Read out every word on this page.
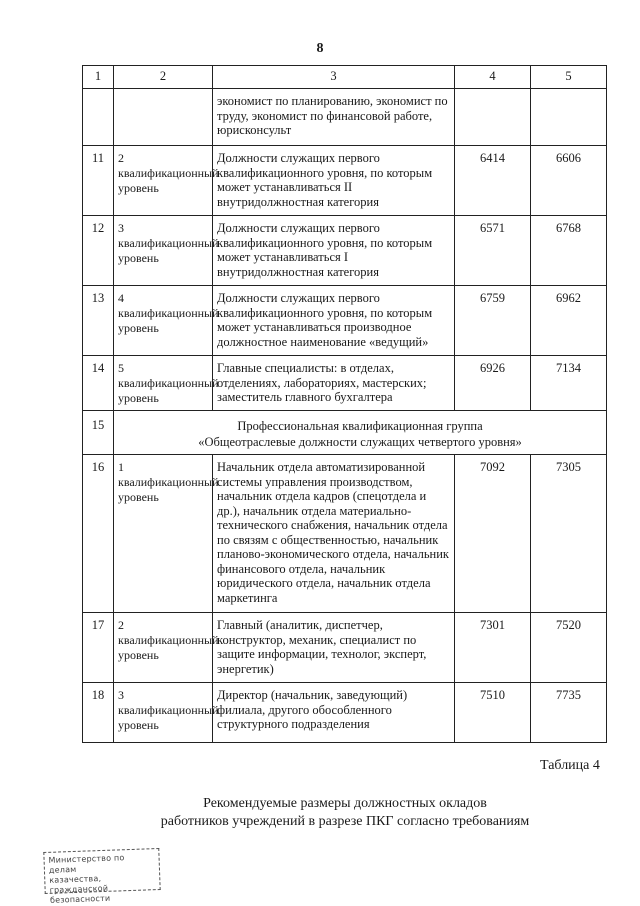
8
1	2	3	4	5
		экономист по планированию, экономист по труду, экономист по финансовой работе, юрисконсульт		
11	2 квалификационный уровень	Должности служащих первого квалификационного уровня, по которым может устанавливаться II внутридолжностная категория	6414	6606
12	3 квалификационный уровень	Должности служащих первого квалификационного уровня, по которым может устанавливаться I внутридолжностная категория	6571	6768
13	4 квалификационный уровень	Должности служащих первого квалификационного уровня, по которым может устанавливаться производное должностное наименование «ведущий»	6759	6962
14	5 квалификационный уровень	Главные специалисты: в отделах, отделениях, лабораториях, мастерских; заместитель главного бухгалтера	6926	7134
15	Профессиональная квалификационная группа
«Общеотраслевые должности служащих четвертого уровня»			

16	1 квалификационный уровень	Начальник отдела автоматизированной системы управления производством, начальник отдела кадров (спецотдела и др.), начальник отдела материально-технического снабжения, начальник отдела по связям с общественностью, начальник планово-экономического отдела, начальник финансового отдела, начальник юридического отдела, начальник отдела маркетинга	7092	7305
17	2 квалификационный уровень	Главный (аналитик, диспетчер, конструктор, механик, специалист по защите информации, технолог, эксперт, энергетик)	7301	7520
18	3 квалификационный уровень	Директор (начальник, заведующий) филиала, другого обособленного структурного подразделения	7510	7735
Таблица 4
Рекомендуемые размеры должностных окладов
работников учреждений в разрезе ПКГ согласно требованиям
Министерство по делам
казачества, гражданской
безопасности
